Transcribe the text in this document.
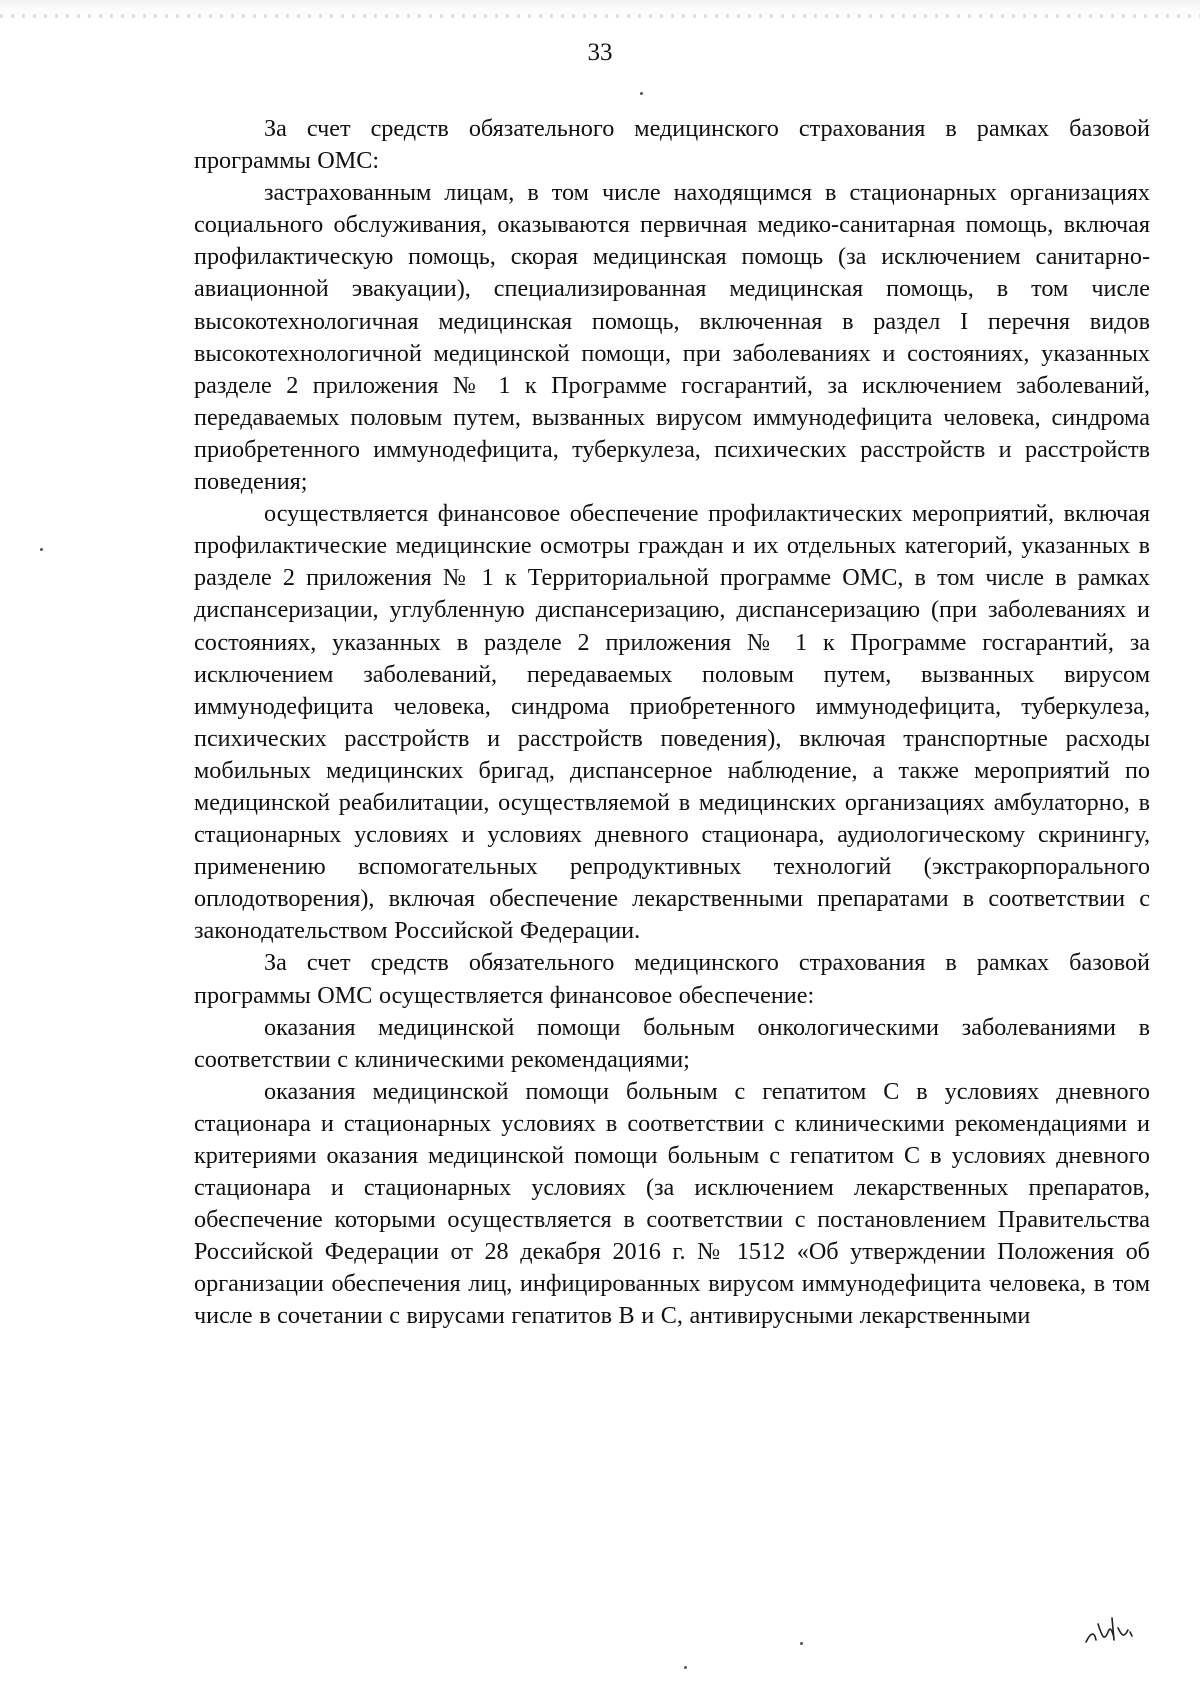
33

За счет средств обязательного медицинского страхования в рамках базовой программы ОМС:

застрахованным лицам, в том числе находящимся в стационарных организациях социального обслуживания, оказываются первичная медико-санитарная помощь, включая профилактическую помощь, скорая медицинская помощь (за исключением санитарно-авиационной эвакуации), специализированная медицинская помощь, в том числе высокотехнологичная медицинская помощь, включенная в раздел I перечня видов высокотехнологичной медицинской помощи, при заболеваниях и состояниях, указанных разделе 2 приложения № 1 к Программе госгарантий, за исключением заболеваний, передаваемых половым путем, вызванных вирусом иммунодефицита человека, синдрома приобретенного иммунодефицита, туберкулеза, психических расстройств и расстройств поведения;

осуществляется финансовое обеспечение профилактических мероприятий, включая профилактические медицинские осмотры граждан и их отдельных категорий, указанных в разделе 2 приложения № 1 к Территориальной программе ОМС, в том числе в рамках диспансеризации, углубленную диспансеризацию, диспансеризацию (при заболеваниях и состояниях, указанных в разделе 2 приложения № 1 к Программе госгарантий, за исключением заболеваний, передаваемых половым путем, вызванных вирусом иммунодефицита человека, синдрома приобретенного иммунодефицита, туберкулеза, психических расстройств и расстройств поведения), включая транспортные расходы мобильных медицинских бригад, диспансерное наблюдение, а также мероприятий по медицинской реабилитации, осуществляемой в медицинских организациях амбулаторно, в стационарных условиях и условиях дневного стационара, аудиологическому скринингу, применению вспомогательных репродуктивных технологий (экстракорпорального оплодотворения), включая обеспечение лекарственными препаратами в соответствии с законодательством Российской Федерации.

За счет средств обязательного медицинского страхования в рамках базовой программы ОМС осуществляется финансовое обеспечение:

оказания медицинской помощи больным онкологическими заболеваниями в соответствии с клиническими рекомендациями;

оказания медицинской помощи больным с гепатитом С в условиях дневного стационара и стационарных условиях в соответствии с клиническими рекомендациями и критериями оказания медицинской помощи больным с гепатитом С в условиях дневного стационара и стационарных условиях (за исключением лекарственных препаратов, обеспечение которыми осуществляется в соответствии с постановлением Правительства Российской Федерации от 28 декабря 2016 г. № 1512 «Об утверждении Положения об организации обеспечения лиц, инфицированных вирусом иммунодефицита человека, в том числе в сочетании с вирусами гепатитов В и С, антивирусными лекарственными
